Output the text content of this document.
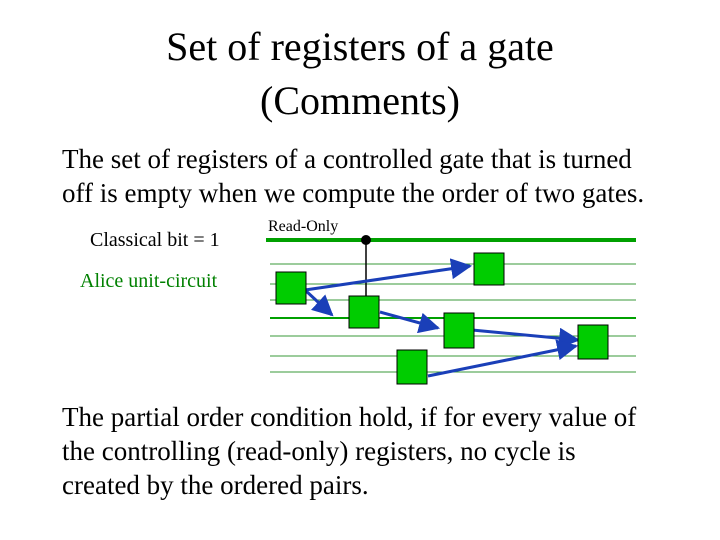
Set of registers of a gate
(Comments)
The set of registers of a controlled gate that is turned
off is empty when we compute the order of two gates.
Classical bit = 1
Read-Only
Alice unit-circuit
The partial order condition hold, if for every value of
the controlling (read-only) registers, no cycle is
created by the ordered pairs.
